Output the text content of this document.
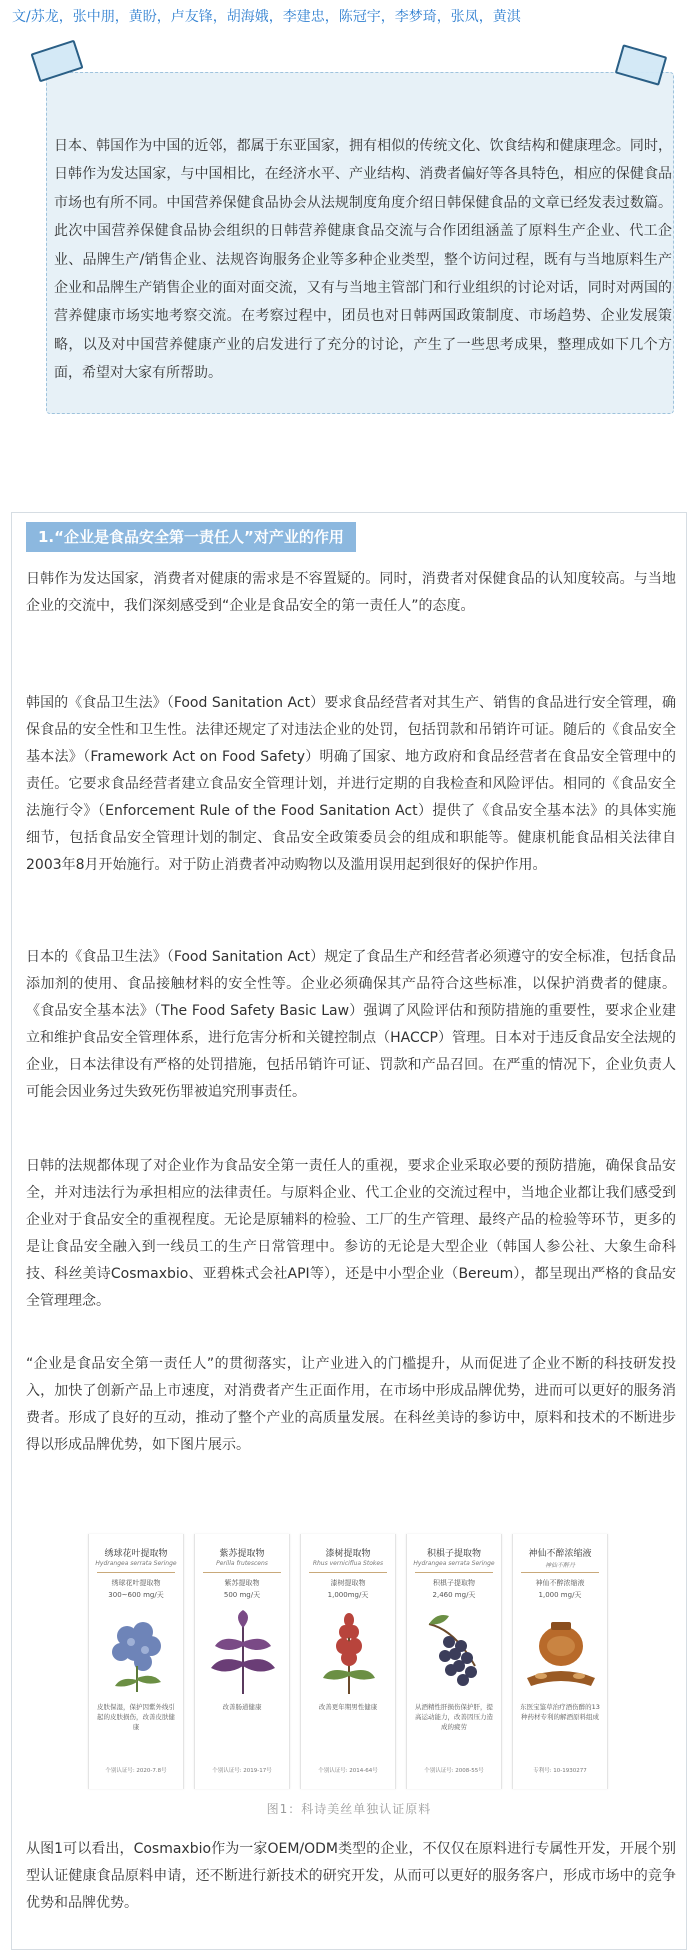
文/苏龙，张中朋，黄盼，卢友锋，胡海娥，李建忠，陈冠宇，李梦琦，张凤，黄淇
日本、韩国作为中国的近邻，都属于东亚国家，拥有相似的传统文化、饮食结构和健康理念。同时，日韩作为发达国家，与中国相比，在经济水平、产业结构、消费者偏好等各具特色，相应的保健食品市场也有所不同。中国营养保健食品协会从法规制度角度介绍日韩保健食品的文章已经发表过数篇。此次中国营养保健食品协会组织的日韩营养健康食品交流与合作团组涵盖了原料生产企业、代工企业、品牌生产/销售企业、法规咨询服务企业等多种企业类型，整个访问过程，既有与当地原料生产企业和品牌生产销售企业的面对面交流，又有与当地主管部门和行业组织的讨论对话，同时对两国的营养健康市场实地考察交流。在考察过程中，团员也对日韩两国政策制度、市场趋势、企业发展策略，以及对中国营养健康产业的启发进行了充分的讨论，产生了一些思考成果，整理成如下几个方面，希望对大家有所帮助。
1.“企业是食品安全第一责任人”对产业的作用
日韩作为发达国家，消费者对健康的需求是不容置疑的。同时，消费者对保健食品的认知度较高。与当地企业的交流中，我们深刻感受到“企业是食品安全的第一责任人”的态度。
韩国的《食品卫生法》（Food Sanitation Act）要求食品经营者对其生产、销售的食品进行安全管理，确保食品的安全性和卫生性。法律还规定了对违法企业的处罚，包括罚款和吊销许可证。随后的《食品安全基本法》（Framework Act on Food Safety）明确了国家、地方政府和食品经营者在食品安全管理中的责任。它要求食品经营者建立食品安全管理计划，并进行定期的自我检查和风险评估。相同的《食品安全法施行令》（Enforcement Rule of the Food Sanitation Act）提供了《食品安全基本法》的具体实施细节，包括食品安全管理计划的制定、食品安全政策委员会的组成和职能等。健康机能食品相关法律自2003年8月开始施行。对于防止消费者冲动购物以及滥用误用起到很好的保护作用。
日本的《食品卫生法》（Food Sanitation Act）规定了食品生产和经营者必须遵守的安全标准，包括食品添加剂的使用、食品接触材料的安全性等。企业必须确保其产品符合这些标准，以保护消费者的健康。《食品安全基本法》（The Food Safety Basic Law）强调了风险评估和预防措施的重要性，要求企业建立和维护食品安全管理体系，进行危害分析和关键控制点（HACCP）管理。日本对于违反食品安全法规的企业，日本法律设有严格的处罚措施，包括吊销许可证、罚款和产品召回。在严重的情况下，企业负责人可能会因业务过失致死伤罪被追究刑事责任。
日韩的法规都体现了对企业作为食品安全第一责任人的重视，要求企业采取必要的预防措施，确保食品安全，并对违法行为承担相应的法律责任。与原料企业、代工企业的交流过程中，当地企业都让我们感受到企业对于食品安全的重视程度。无论是原辅料的检验、工厂的生产管理、最终产品的检验等环节，更多的是让食品安全融入到一线员工的生产日常管理中。参访的无论是大型企业（韩国人参公社、大象生命科技、科丝美诗Cosmaxbio、亚碧株式会社API等），还是中小型企业（Bereum），都呈现出严格的食品安全管理理念。
“企业是食品安全第一责任人”的贯彻落实，让产业进入的门槛提升，从而促进了企业不断的科技研发投入，加快了创新产品上市速度，对消费者产生正面作用，在市场中形成品牌优势，进而可以更好的服务消费者。形成了良好的互动，推动了整个产业的高质量发展。在科丝美诗的参访中，原料和技术的不断进步得以形成品牌优势，如下图片展示。
绣球花叶提取物
Hydrangea serrata Seringe
绣球花叶提取物
300~600 mg/天
皮肤保湿，保护因紫外线引起的皮肤损伤，改善皮肤健康
个别认证号: 2020-7.8号
紫苏提取物
Perilla frutescens
紫苏提取物
500 mg/天
改善肠道健康
个别认证号: 2019-17号
漆树提取物
Rhus verniciflua Stokes
漆树提取物
1,000mg/天
改善更年期男性健康
个别认证号: 2014-64号
积椇子提取物
Hydrangea serrata Seringe
积椇子提取物
2,460 mg/天
从酒精性肝损伤保护肝，提高运动能力，改善因压力造成的疲劳
个别认证号: 2008-55号
神仙不醉浓缩液
神仙不醉丹
神仙不醉浓缩液
1,000 mg/天
东医宝鉴草治疗酒伤醉的13种药材专利的解酒原料组成
专利号: 10-1930277
图1：科诗美丝单独认证原料
从图1可以看出，Cosmaxbio作为一家OEM/ODM类型的企业，不仅仅在原料进行专属性开发，开展个别型认证健康食品原料申请，还不断进行新技术的研究开发，从而可以更好的服务客户，形成市场中的竞争优势和品牌优势。
